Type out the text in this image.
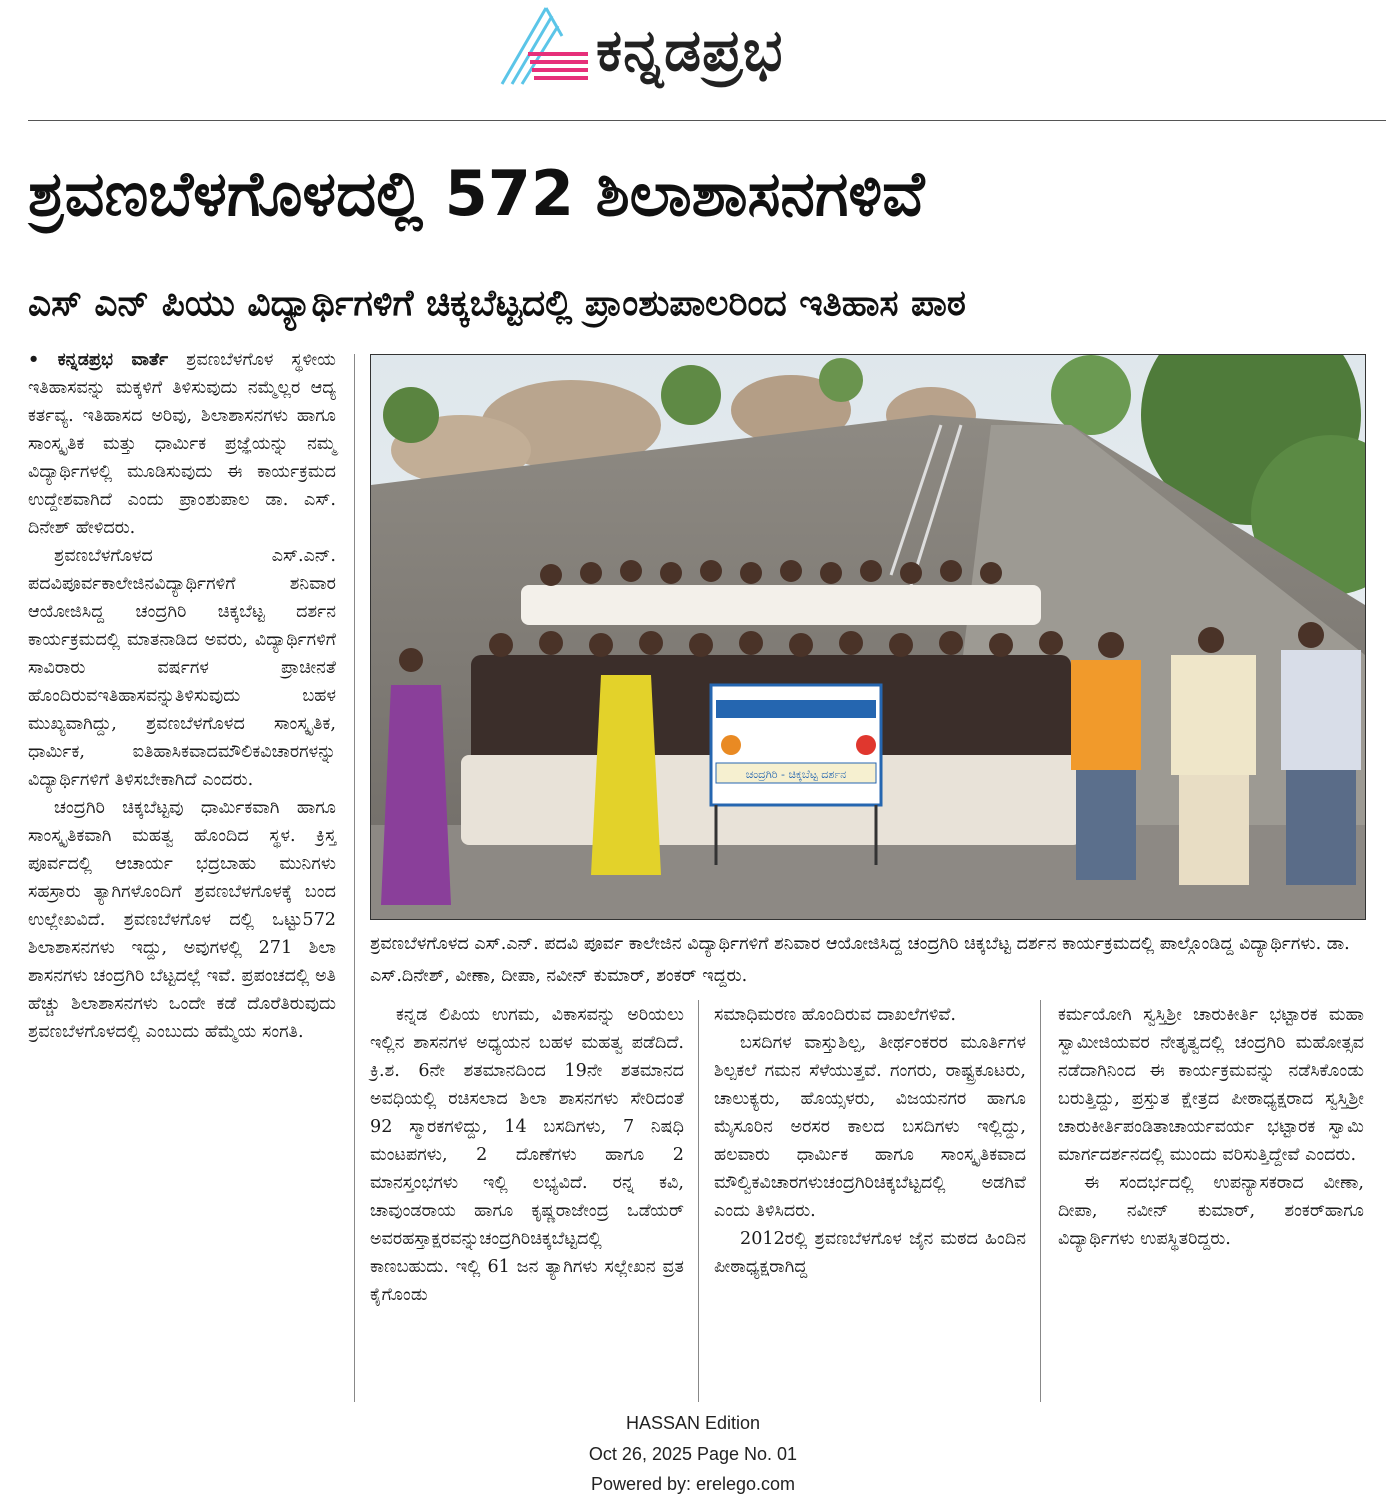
ಕನ್ನಡಪ್ರಭ
ಶ್ರವಣಬೆಳಗೊಳದಲ್ಲಿ 572 ಶಿಲಾಶಾಸನಗಳಿವೆ
ಎಸ್ ಎನ್ ಪಿಯು ವಿದ್ಯಾರ್ಥಿಗಳಿಗೆ ಚಿಕ್ಕಬೆಟ್ಟದಲ್ಲಿ ಪ್ರಾಂಶುಪಾಲರಿಂದ ಇತಿಹಾಸ ಪಾಠ

• ಕನ್ನಡಪ್ರಭ ವಾರ್ತೆ ಶ್ರವಣಬೆಳಗೊಳ ಸ್ಥಳೀಯ ಇತಿಹಾಸವನ್ನು ಮಕ್ಕಳಿಗೆ ತಿಳಿಸುವುದು ನಮ್ಮೆಲ್ಲರ ಆದ್ಯ ಕರ್ತವ್ಯ. ಇತಿಹಾಸದ ಅರಿವು, ಶಿಲಾಶಾಸನಗಳು ಹಾಗೂ ಸಾಂಸ್ಕೃತಿಕ ಮತ್ತು ಧಾರ್ಮಿಕ ಪ್ರಜ್ಞೆಯನ್ನು ನಮ್ಮ ವಿದ್ಯಾರ್ಥಿಗಳಲ್ಲಿ ಮೂಡಿಸುವುದು ಈ ಕಾರ್ಯಕ್ರಮದ ಉದ್ದೇಶವಾಗಿದೆ ಎಂದು ಪ್ರಾಂಶುಪಾಲ ಡಾ. ಎಸ್. ದಿನೇಶ್ ಹೇಳಿದರು.

ಶ್ರವಣಬೆಳಗೊಳದ ಎಸ್.ಎನ್. ಪದವಿಪೂರ್ವಕಾಲೇಜಿನವಿದ್ಯಾರ್ಥಿಗಳಿಗೆ ಶನಿವಾರ ಆಯೋಜಿಸಿದ್ದ ಚಂದ್ರಗಿರಿ ಚಿಕ್ಕಬೆಟ್ಟ ದರ್ಶನ ಕಾರ್ಯಕ್ರಮದಲ್ಲಿ ಮಾತನಾಡಿದ ಅವರು, ವಿದ್ಯಾರ್ಥಿಗಳಿಗೆ ಸಾವಿರಾರು ವರ್ಷಗಳ ಪ್ರಾಚೀನತೆ ಹೊಂದಿರುವಇತಿಹಾಸವನ್ನುತಿಳಿಸುವುದು ಬಹಳ ಮುಖ್ಯವಾಗಿದ್ದು, ಶ್ರವಣಬೆಳಗೊಳದ ಸಾಂಸ್ಕೃತಿಕ, ಧಾರ್ಮಿಕ, ಐತಿಹಾಸಿಕವಾದಮೌಲಿಕವಿಚಾರಗಳನ್ನು ವಿದ್ಯಾರ್ಥಿಗಳಿಗೆ ತಿಳಿಸಬೇಕಾಗಿದೆ ಎಂದರು.

ಚಂದ್ರಗಿರಿ ಚಿಕ್ಕಬೆಟ್ಟವು ಧಾರ್ಮಿಕವಾಗಿ ಹಾಗೂ ಸಾಂಸ್ಕೃತಿಕವಾಗಿ ಮಹತ್ವ ಹೊಂದಿದ ಸ್ಥಳ. ಕ್ರಿಸ್ತ ಪೂರ್ವದಲ್ಲಿ ಆಚಾರ್ಯ ಭದ್ರಬಾಹು ಮುನಿಗಳು ಸಹಸ್ರಾರು ತ್ಯಾಗಿಗಳೊಂದಿಗೆ ಶ್ರವಣಬೆಳಗೊಳಕ್ಕೆ ಬಂದ ಉಲ್ಲೇಖವಿದೆ. ಶ್ರವಣಬೆಳಗೊಳ ದಲ್ಲಿ ಒಟ್ಟು572 ಶಿಲಾಶಾಸನಗಳು ಇದ್ದು, ಅವುಗಳಲ್ಲಿ 271 ಶಿಲಾ ಶಾಸನಗಳು ಚಂದ್ರಗಿರಿ ಬೆಟ್ಟದಲ್ಲೆ ಇವೆ. ಪ್ರಪಂಚದಲ್ಲಿ ಅತಿ ಹೆಚ್ಚು ಶಿಲಾಶಾಸನಗಳು ಒಂದೇ ಕಡೆ ದೊರೆತಿರುವುದು ಶ್ರವಣಬೆಳಗೊಳದಲ್ಲಿ ಎಂಬುದು ಹೆಮ್ಮೆಯ ಸಂಗತಿ.

ಚಂದ್ರಗಿರಿ - ಚಿಕ್ಕಬೆಟ್ಟ ದರ್ಶನ
ಶ್ರವಣಬೆಳಗೊಳದ ಎಸ್.ಎನ್. ಪದವಿ ಪೂರ್ವ ಕಾಲೇಜಿನ ವಿದ್ಯಾರ್ಥಿಗಳಿಗೆ ಶನಿವಾರ ಆಯೋಜಿಸಿದ್ದ ಚಂದ್ರಗಿರಿ ಚಿಕ್ಕಬೆಟ್ಟ ದರ್ಶನ ಕಾರ್ಯಕ್ರಮದಲ್ಲಿ ಪಾಲ್ಗೊಂಡಿದ್ದ ವಿದ್ಯಾರ್ಥಿಗಳು. ಡಾ. ಎಸ್.ದಿನೇಶ್, ವೀಣಾ, ದೀಪಾ, ನವೀನ್ ಕುಮಾರ್, ಶಂಕರ್ ಇದ್ದರು.

ಕನ್ನಡ ಲಿಪಿಯ ಉಗಮ, ವಿಕಾಸವನ್ನು ಅರಿಯಲು ಇಲ್ಲಿನ ಶಾಸನಗಳ ಅಧ್ಯಯನ ಬಹಳ ಮಹತ್ವ ಪಡೆದಿದೆ. ಕ್ರಿ.ಶ. 6ನೇ ಶತಮಾನದಿಂದ 19ನೇ ಶತಮಾನದ ಅವಧಿಯಲ್ಲಿ ರಚಿಸಲಾದ ಶಿಲಾ ಶಾಸನಗಳು ಸೇರಿದಂತೆ 92 ಸ್ಮಾರಕಗಳಿದ್ದು, 14 ಬಸದಿಗಳು, 7 ನಿಷಧಿ ಮಂಟಪಗಳು, 2 ದೊಣೆಗಳು ಹಾಗೂ 2 ಮಾನಸ್ತಂಭಗಳು ಇಲ್ಲಿ ಲಭ್ಯವಿದೆ. ರನ್ನ ಕವಿ, ಚಾವುಂಡರಾಯ ಹಾಗೂ ಕೃಷ್ಣರಾಜೇಂದ್ರ ಒಡೆಯರ್ ಅವರಹಸ್ತಾಕ್ಷರವನ್ನುಚಂದ್ರಗಿರಿಚಿಕ್ಕಬೆಟ್ಟದಲ್ಲಿ ಕಾಣಬಹುದು. ಇಲ್ಲಿ 61 ಜನ ತ್ಯಾಗಿಗಳು ಸಲ್ಲೇಖನ ವ್ರತ ಕೈಗೊಂಡು

ಸಮಾಧಿಮರಣ ಹೊಂದಿರುವ ದಾಖಲೆಗಳಿವೆ.

ಬಸದಿಗಳ ವಾಸ್ತುಶಿಲ್ಪ, ತೀರ್ಥಂಕರರ ಮೂರ್ತಿಗಳ ಶಿಲ್ಪಕಲೆ ಗಮನ ಸೆಳೆಯುತ್ತವೆ. ಗಂಗರು, ರಾಷ್ಟ್ರಕೂಟರು, ಚಾಲುಕ್ಯರು, ಹೊಯ್ಸಳರು, ವಿಜಯನಗರ ಹಾಗೂ ಮೈಸೂರಿನ ಅರಸರ ಕಾಲದ ಬಸದಿಗಳು ಇಲ್ಲಿದ್ದು, ಹಲವಾರು ಧಾರ್ಮಿಕ ಹಾಗೂ ಸಾಂಸ್ಕೃತಿಕವಾದ ಮೌಲ್ವಿಕವಿಚಾರಗಳುಚಂದ್ರಗಿರಿಚಿಕ್ಕಬೆಟ್ಟದಲ್ಲಿ ಅಡಗಿವೆ ಎಂದು ತಿಳಿಸಿದರು.

2012ರಲ್ಲಿ ಶ್ರವಣಬೆಳಗೊಳ ಜೈನ ಮಠದ ಹಿಂದಿನ ಪೀಠಾಧ್ಯಕ್ಷರಾಗಿದ್ದ

ಕರ್ಮಯೋಗಿ ಸ್ವಸ್ತಿಶ್ರೀ ಚಾರುಕೀರ್ತಿ ಭಟ್ಟಾರಕ ಮಹಾ ಸ್ವಾಮೀಜಿಯವರ ನೇತೃತ್ವದಲ್ಲಿ ಚಂದ್ರಗಿರಿ ಮಹೋತ್ಸವ ನಡೆದಾಗಿನಿಂದ ಈ ಕಾರ್ಯಕ್ರಮವನ್ನು ನಡೆಸಿಕೊಂಡು ಬರುತ್ತಿದ್ದು, ಪ್ರಸ್ತುತ ಕ್ಷೇತ್ರದ ಪೀಠಾಧ್ಯಕ್ಷರಾದ ಸ್ವಸ್ತಿಶ್ರೀ ಚಾರುಕೀರ್ತಿಪಂಡಿತಾಚಾರ್ಯವರ್ಯ ಭಟ್ಟಾರಕ ಸ್ವಾಮಿ ಮಾರ್ಗದರ್ಶನದಲ್ಲಿ ಮುಂದು ವರಿಸುತ್ತಿದ್ದೇವೆ ಎಂದರು.

ಈ ಸಂದರ್ಭದಲ್ಲಿ ಉಪನ್ಯಾಸಕರಾದ ವೀಣಾ, ದೀಪಾ, ನವೀನ್ ಕುಮಾರ್, ಶಂಕರ್‌ಹಾಗೂ ವಿದ್ಯಾರ್ಥಿಗಳು ಉಪಸ್ಥಿತರಿದ್ದರು.

HASSAN Edition
Oct 26, 2025 Page No. 01
Powered by: erelego.com
